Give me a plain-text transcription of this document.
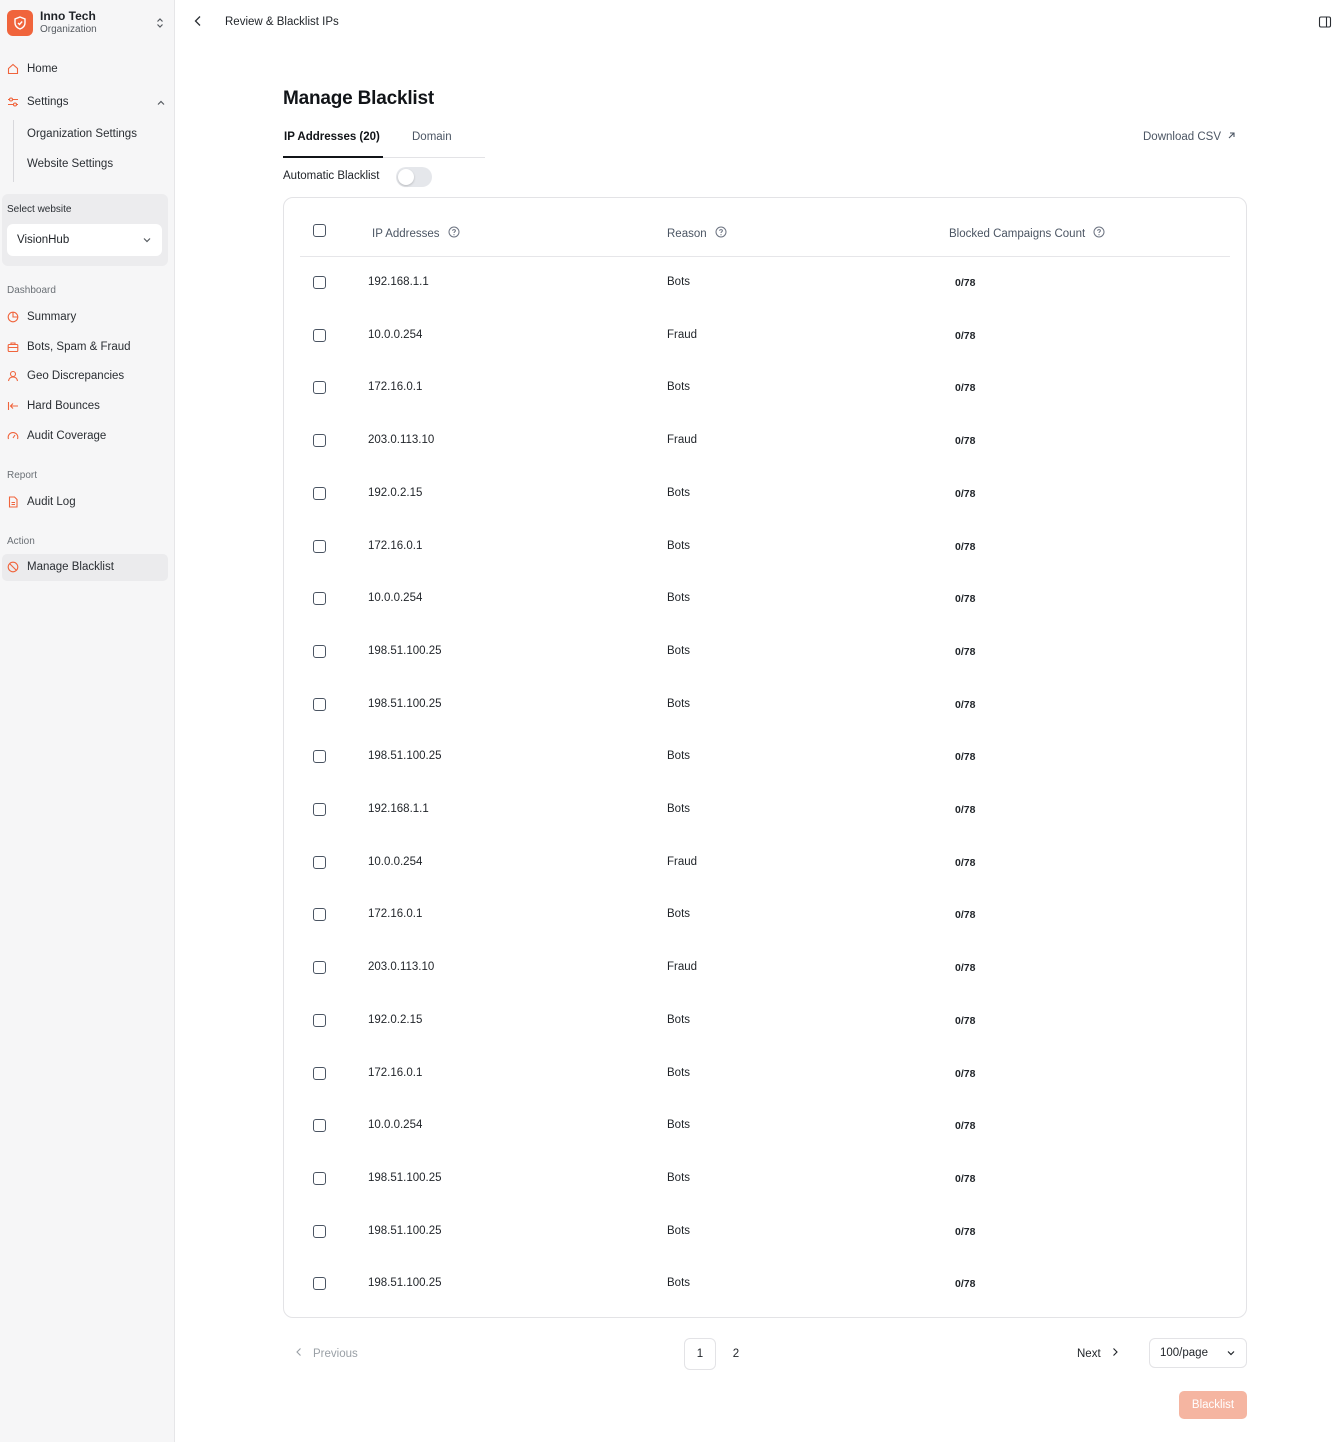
Inno Tech
Organization
Home
Settings
Organization Settings
Website Settings
Select website
VisionHub
Dashboard
Summary
Bots, Spam & Fraud
Geo Discrepancies
Hard Bounces
Audit Coverage
Report
Audit Log
Action
Manage Blacklist
Review & Blacklist IPs
Manage Blacklist
IP Addresses (20)	Domain	Download CSV
Automatic Blacklist
IP Addresses	Reason	Blocked Campaigns Count
192.168.1.1	Bots	0/78
10.0.0.254	Fraud	0/78
172.16.0.1	Bots	0/78
203.0.113.10	Fraud	0/78
192.0.2.15	Bots	0/78
172.16.0.1	Bots	0/78
10.0.0.254	Bots	0/78
198.51.100.25	Bots	0/78
198.51.100.25	Bots	0/78
198.51.100.25	Bots	0/78
192.168.1.1	Bots	0/78
10.0.0.254	Fraud	0/78
172.16.0.1	Bots	0/78
203.0.113.10	Fraud	0/78
192.0.2.15	Bots	0/78
172.16.0.1	Bots	0/78
10.0.0.254	Bots	0/78
198.51.100.25	Bots	0/78
198.51.100.25	Bots	0/78
198.51.100.25	Bots	0/78
Previous	1	2	Next	100/page
Blacklist
